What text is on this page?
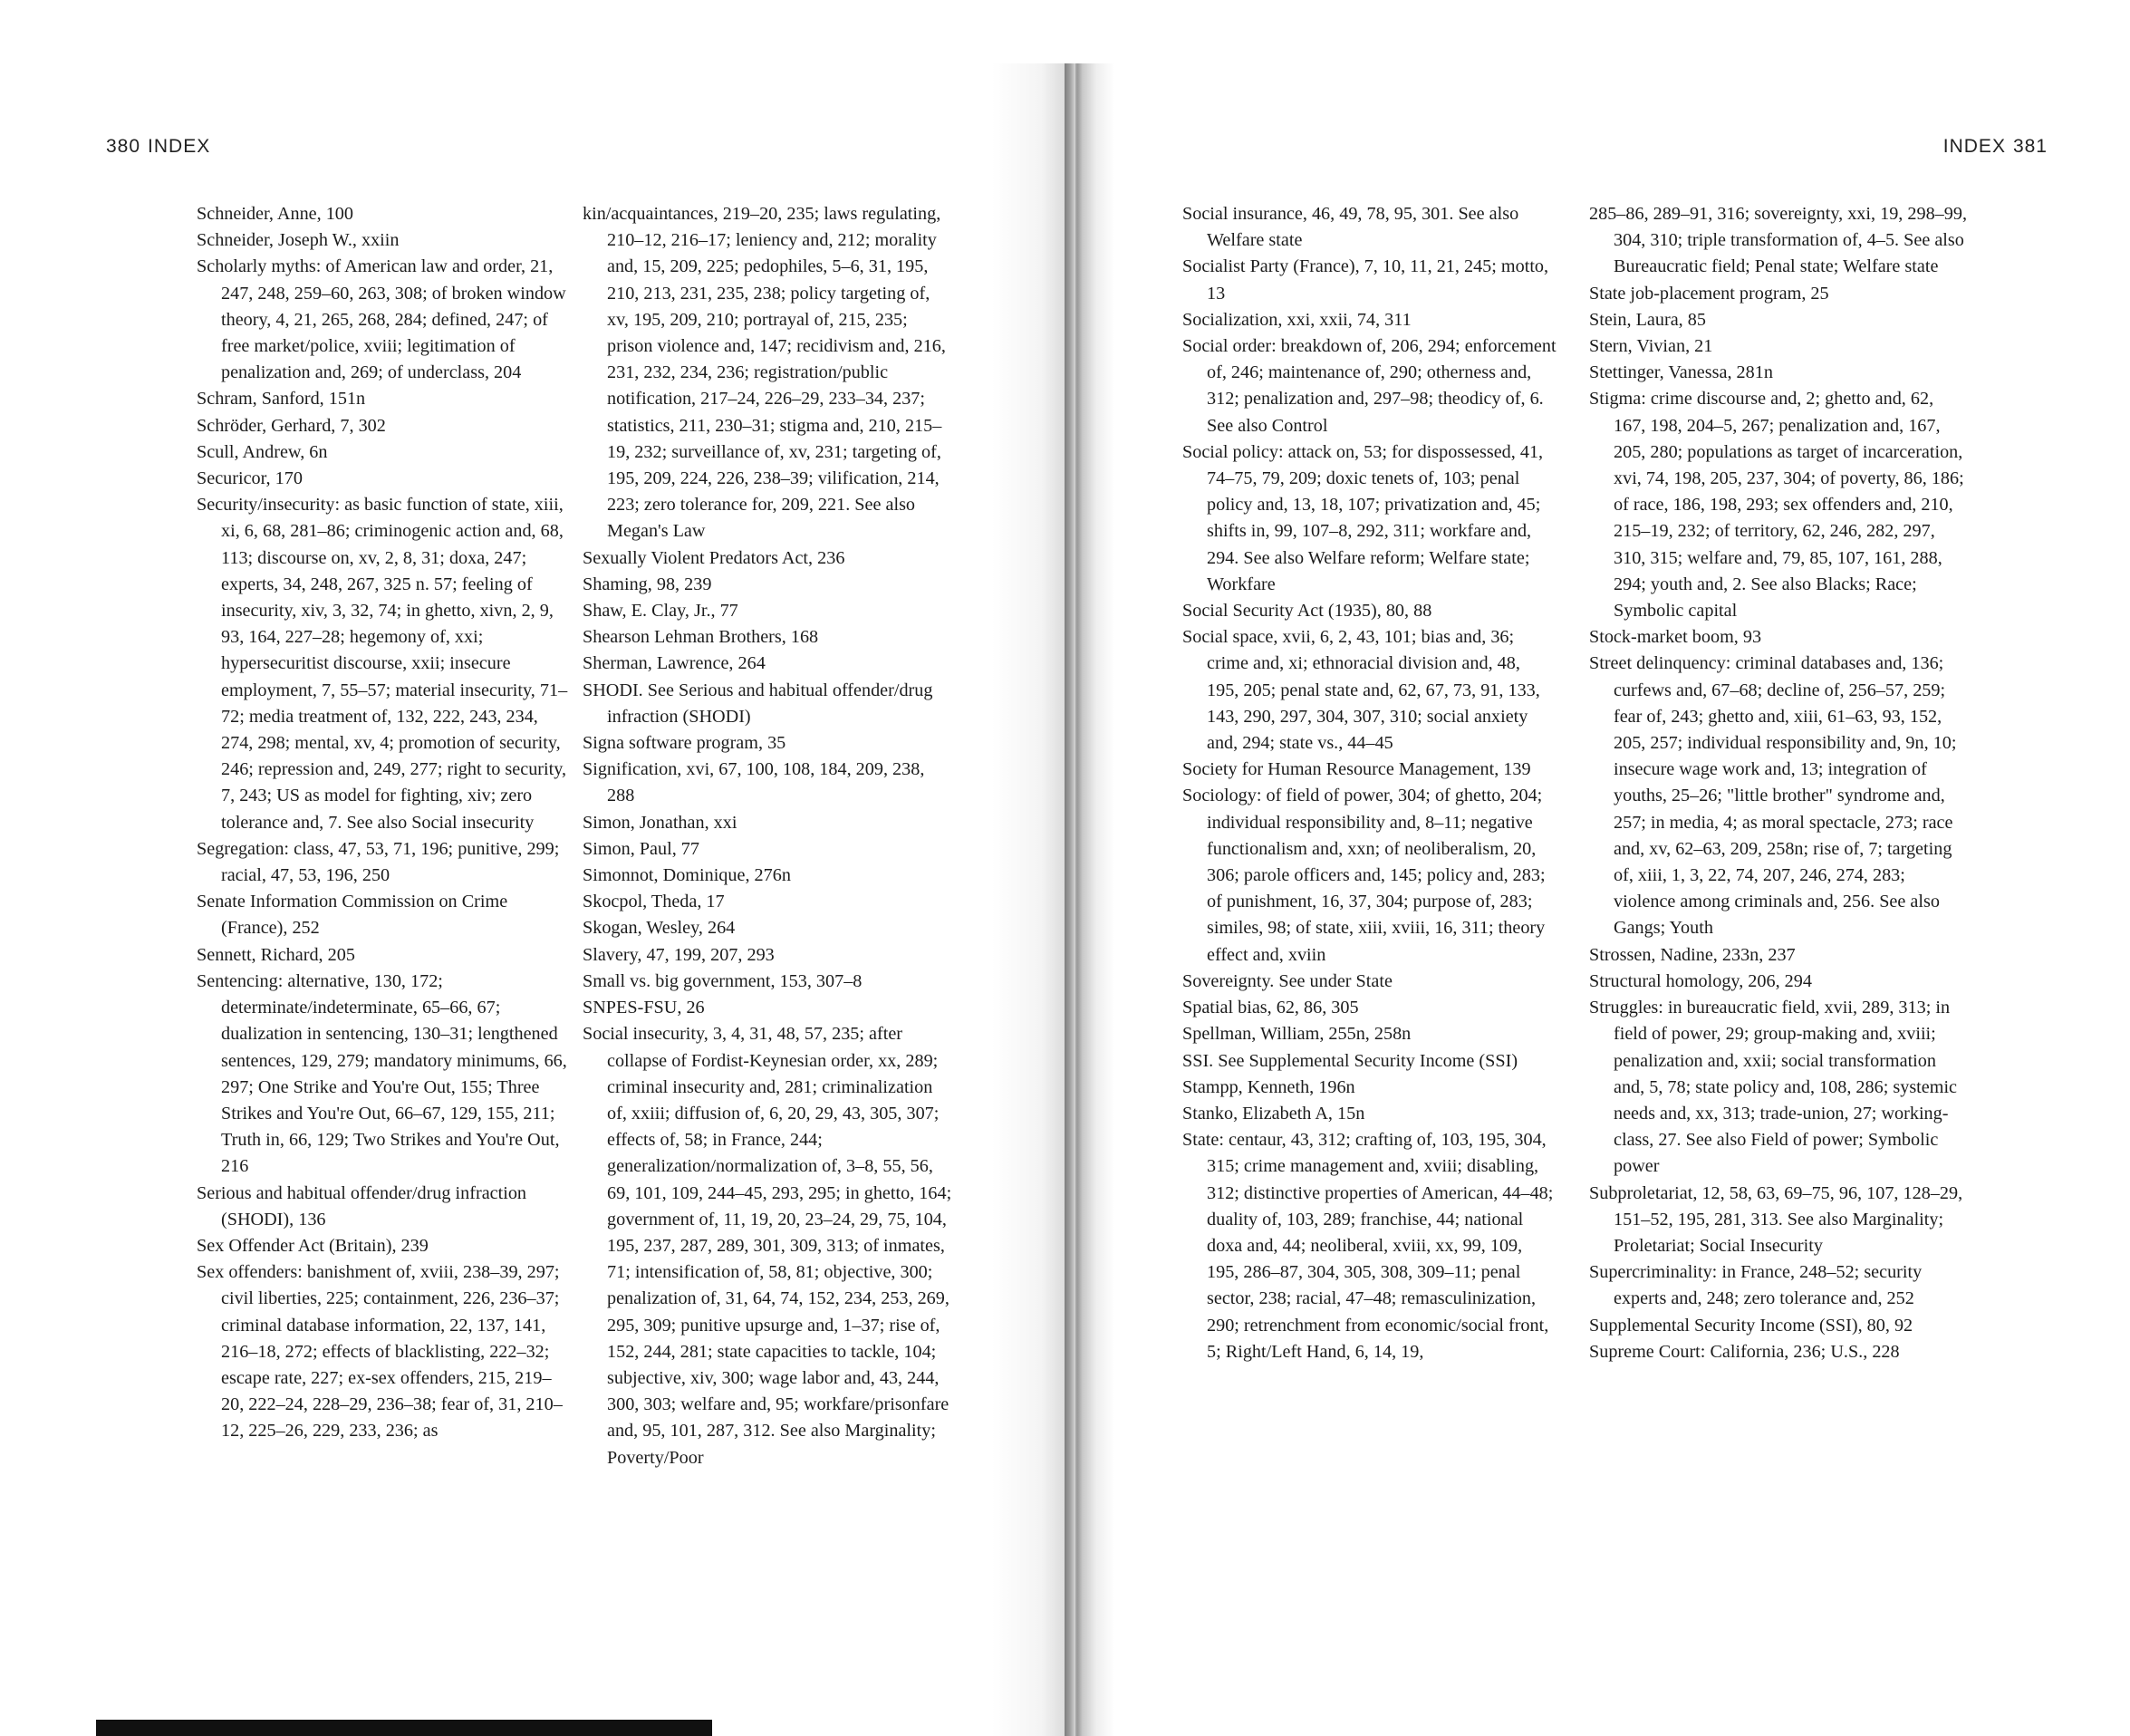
380 INDEX
Schneider, Anne, 100
Schneider, Joseph W., xxiin
Scholarly myths: of American law and order, 21, 247, 248, 259–60, 263, 308; of broken window theory, 4, 21, 265, 268, 284; defined, 247; of free market/police, xviii; legitimation of penalization and, 269; of underclass, 204
Schram, Sanford, 151n
Schröder, Gerhard, 7, 302
Scull, Andrew, 6n
Securicor, 170
Security/insecurity: as basic function of state, xiii, xi, 6, 68, 281–86; criminogenic action and, 68, 113; discourse on, xv, 2, 8, 31; doxa, 247; experts, 34, 248, 267, 325 n. 57; feeling of insecurity, xiv, 3, 32, 74; in ghetto, xivn, 2, 9, 93, 164, 227–28; hegemony of, xxi; hypersecuritist discourse, xxii; insecure employment, 7, 55–57; material insecurity, 71–72; media treatment of, 132, 222, 243, 234, 274, 298; mental, xv, 4; promotion of security, 246; repression and, 249, 277; right to security, 7, 243; US as model for fighting, xiv; zero tolerance and, 7. See also Social insecurity
Segregation: class, 47, 53, 71, 196; punitive, 299; racial, 47, 53, 196, 250
Senate Information Commission on Crime (France), 252
Sennett, Richard, 205
Sentencing: alternative, 130, 172; determinate/indeterminate, 65–66, 67; dualization in sentencing, 130–31; lengthened sentences, 129, 279; mandatory minimums, 66, 297; One Strike and You're Out, 155; Three Strikes and You're Out, 66–67, 129, 155, 211; Truth in, 66, 129; Two Strikes and You're Out, 216
Serious and habitual offender/drug infraction (SHODI), 136
Sex Offender Act (Britain), 239
Sex offenders: banishment of, xviii, 238–39, 297; civil liberties, 225; containment, 226, 236–37; criminal database information, 22, 137, 141, 216–18, 272; effects of blacklisting, 222–32; escape rate, 227; ex-sex offenders, 215, 219–20, 222–24, 228–29, 236–38; fear of, 31, 210–12, 225–26, 229, 233, 236; as
kin/acquaintances, 219–20, 235; laws regulating, 210–12, 216–17; leniency and, 212; morality and, 15, 209, 225; pedophiles, 5–6, 31, 195, 210, 213, 231, 235, 238; policy targeting of, xv, 195, 209, 210; portrayal of, 215, 235; prison violence and, 147; recidivism and, 216, 231, 232, 234, 236; registration/public notification, 217–24, 226–29, 233–34, 237; statistics, 211, 230–31; stigma and, 210, 215–19, 232; surveillance of, xv, 231; targeting of, 195, 209, 224, 226, 238–39; vilification, 214, 223; zero tolerance for, 209, 221. See also Megan's Law
Sexually Violent Predators Act, 236
Shaming, 98, 239
Shaw, E. Clay, Jr., 77
Shearson Lehman Brothers, 168
Sherman, Lawrence, 264
SHODI. See Serious and habitual offender/drug infraction (SHODI)
Signa software program, 35
Signification, xvi, 67, 100, 108, 184, 209, 238, 288
Simon, Jonathan, xxi
Simon, Paul, 77
Simonnot, Dominique, 276n
Skocpol, Theda, 17
Skogan, Wesley, 264
Slavery, 47, 199, 207, 293
Small vs. big government, 153, 307–8
SNPES-FSU, 26
Social insecurity, 3, 4, 31, 48, 57, 235; after collapse of Fordist-Keynesian order, xx, 289; criminal insecurity and, 281; criminalization of, xxiii; diffusion of, 6, 20, 29, 43, 305, 307; effects of, 58; in France, 244; generalization/normalization of, 3–8, 55, 56, 69, 101, 109, 244–45, 293, 295; in ghetto, 164; government of, 11, 19, 20, 23–24, 29, 75, 104, 195, 237, 287, 289, 301, 309, 313; of inmates, 71; intensification of, 58, 81; objective, 300; penalization of, 31, 64, 74, 152, 234, 253, 269, 295, 309; punitive upsurge and, 1–37; rise of, 152, 244, 281; state capacities to tackle, 104; subjective, xiv, 300; wage labor and, 43, 244, 300, 303; welfare and, 95; workfare/prisonfare and, 95, 101, 287, 312. See also Marginality; Poverty/Poor
INDEX 381
Social insurance, 46, 49, 78, 95, 301. See also Welfare state
Socialist Party (France), 7, 10, 11, 21, 245; motto, 13
Socialization, xxi, xxii, 74, 311
Social order: breakdown of, 206, 294; enforcement of, 246; maintenance of, 290; otherness and, 312; penalization and, 297–98; theodicy of, 6. See also Control
Social policy: attack on, 53; for dispossessed, 41, 74–75, 79, 209; doxic tenets of, 103; penal policy and, 13, 18, 107; privatization and, 45; shifts in, 99, 107–8, 292, 311; workfare and, 294. See also Welfare reform; Welfare state; Workfare
Social Security Act (1935), 80, 88
Social space, xvii, 6, 2, 43, 101; bias and, 36; crime and, xi; ethnoracial division and, 48, 195, 205; penal state and, 62, 67, 73, 91, 133, 143, 290, 297, 304, 307, 310; social anxiety and, 294; state vs., 44–45
Society for Human Resource Management, 139
Sociology: of field of power, 304; of ghetto, 204; individual responsibility and, 8–11; negative functionalism and, xxn; of neoliberalism, 20, 306; parole officers and, 145; policy and, 283; of punishment, 16, 37, 304; purpose of, 283; similes, 98; of state, xiii, xviii, 16, 311; theory effect and, xviin
Sovereignty. See under State
Spatial bias, 62, 86, 305
Spellman, William, 255n, 258n
SSI. See Supplemental Security Income (SSI)
Stampp, Kenneth, 196n
Stanko, Elizabeth A, 15n
State: centaur, 43, 312; crafting of, 103, 195, 304, 315; crime management and, xviii; disabling, 312; distinctive properties of American, 44–48; duality of, 103, 289; franchise, 44; national doxa and, 44; neoliberal, xviii, xx, 99, 109, 195, 286–87, 304, 305, 308, 309–11; penal sector, 238; racial, 47–48; remasculinization, 290; retrenchment from economic/social front, 5; Right/Left Hand, 6, 14, 19,
285–86, 289–91, 316; sovereignty, xxi, 19, 298–99, 304, 310; triple transformation of, 4–5. See also Bureaucratic field; Penal state; Welfare state
State job-placement program, 25
Stein, Laura, 85
Stern, Vivian, 21
Stettinger, Vanessa, 281n
Stigma: crime discourse and, 2; ghetto and, 62, 167, 198, 204–5, 267; penalization and, 167, 205, 280; populations as target of incarceration, xvi, 74, 198, 205, 237, 304; of poverty, 86, 186; of race, 186, 198, 293; sex offenders and, 210, 215–19, 232; of territory, 62, 246, 282, 297, 310, 315; welfare and, 79, 85, 107, 161, 288, 294; youth and, 2. See also Blacks; Race; Symbolic capital
Stock-market boom, 93
Street delinquency: criminal databases and, 136; curfews and, 67–68; decline of, 256–57, 259; fear of, 243; ghetto and, xiii, 61–63, 93, 152, 205, 257; individual responsibility and, 9n, 10; insecure wage work and, 13; integration of youths, 25–26; "little brother" syndrome and, 257; in media, 4; as moral spectacle, 273; race and, xv, 62–63, 209, 258n; rise of, 7; targeting of, xiii, 1, 3, 22, 74, 207, 246, 274, 283; violence among criminals and, 256. See also Gangs; Youth
Strossen, Nadine, 233n, 237
Structural homology, 206, 294
Struggles: in bureaucratic field, xvii, 289, 313; in field of power, 29; group-making and, xviii; penalization and, xxii; social transformation and, 5, 78; state policy and, 108, 286; systemic needs and, xx, 313; trade-union, 27; working-class, 27. See also Field of power; Symbolic power
Subproletariat, 12, 58, 63, 69–75, 96, 107, 128–29, 151–52, 195, 281, 313. See also Marginality; Proletariat; Social Insecurity
Supercriminality: in France, 248–52; security experts and, 248; zero tolerance and, 252
Supplemental Security Income (SSI), 80, 92
Supreme Court: California, 236; U.S., 228
